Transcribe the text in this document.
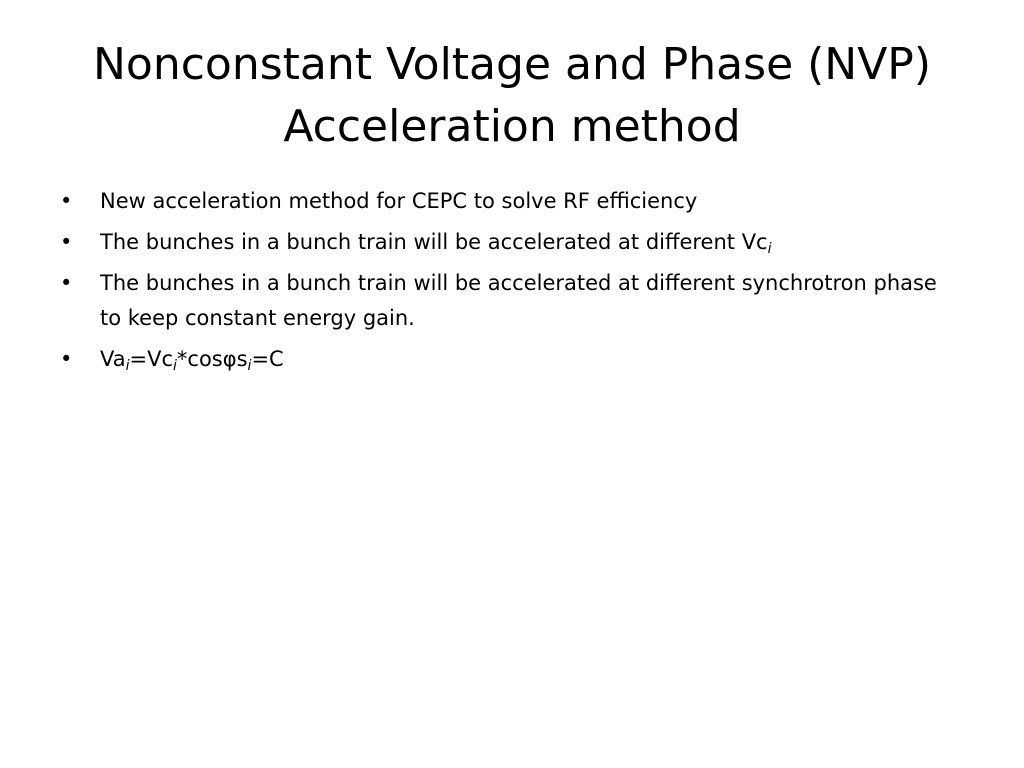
Nonconstant Voltage and Phase (NVP)
Acceleration method
•	New acceleration method for CEPC to solve RF efficiency
•	The bunches in a bunch train will be accelerated at different $Vc_i$
•	The bunches in a bunch train will be accelerated at different synchrotron phase to keep constant energy gain.
•	$Va_i=Vc_i*\cos\varphi s_i=C$
